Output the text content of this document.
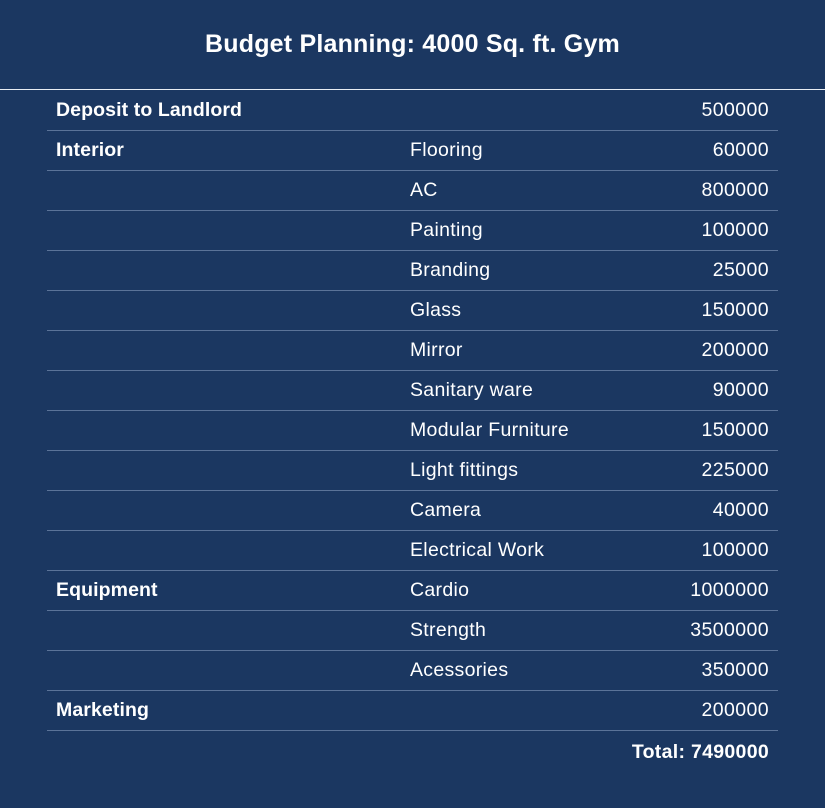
Budget Planning: 4000 Sq. ft. Gym
Deposit to Landlord	500000
Interior	Flooring	60000
AC	800000
Painting	100000
Branding	25000
Glass	150000
Mirror	200000
Sanitary ware	90000
Modular Furniture	150000
Light fittings	225000
Camera	40000
Electrical Work	100000
Equipment	Cardio	1000000
Strength	3500000
Acessories	350000
Marketing	200000
Total: 7490000
